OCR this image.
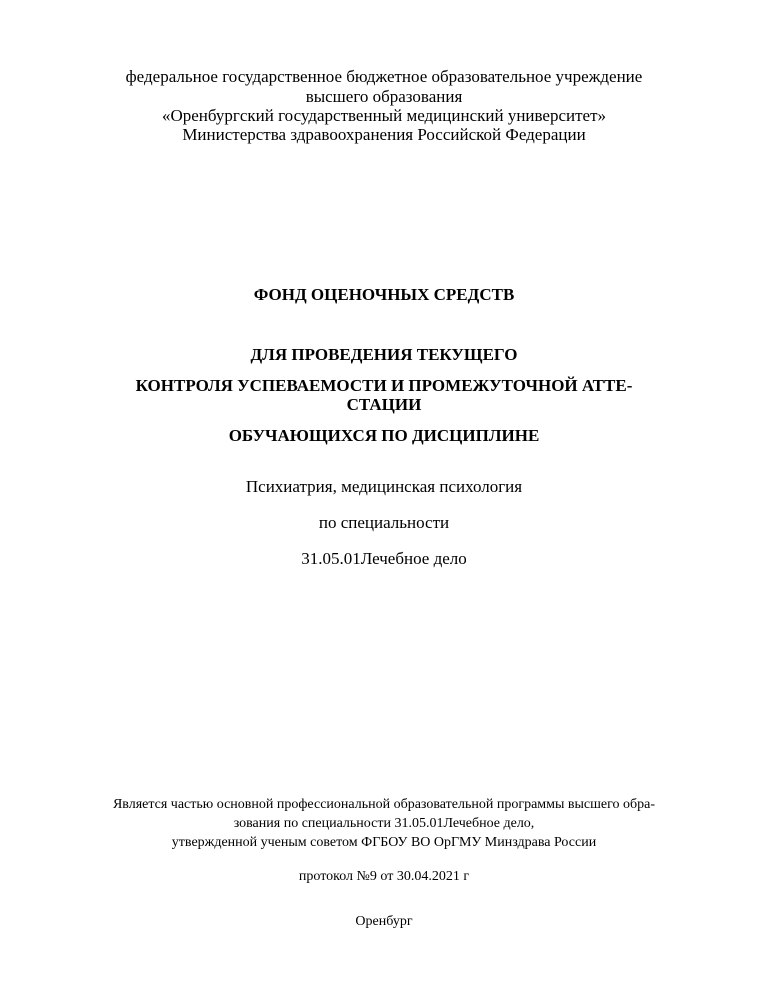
федеральное государственное бюджетное образовательное учреждение
высшего образования
«Оренбургский государственный медицинский университет»
Министерства здравоохранения Российской Федерации
ФОНД ОЦЕНОЧНЫХ СРЕДСТВ
ДЛЯ ПРОВЕДЕНИЯ ТЕКУЩЕГО
КОНТРОЛЯ УСПЕВАЕМОСТИ И ПРОМЕЖУТОЧНОЙ АТТЕ-
СТАЦИИ
ОБУЧАЮЩИХСЯ ПО ДИСЦИПЛИНЕ
Психиатрия, медицинская психология
по специальности
31.05.01Лечебное дело
Является частью основной профессиональной образовательной программы высшего обра-
зования по специальности 31.05.01Лечебное дело,
утвержденной ученым советом ФГБОУ ВО ОрГМУ Минздрава России
протокол №9 от 30.04.2021 г
Оренбург
